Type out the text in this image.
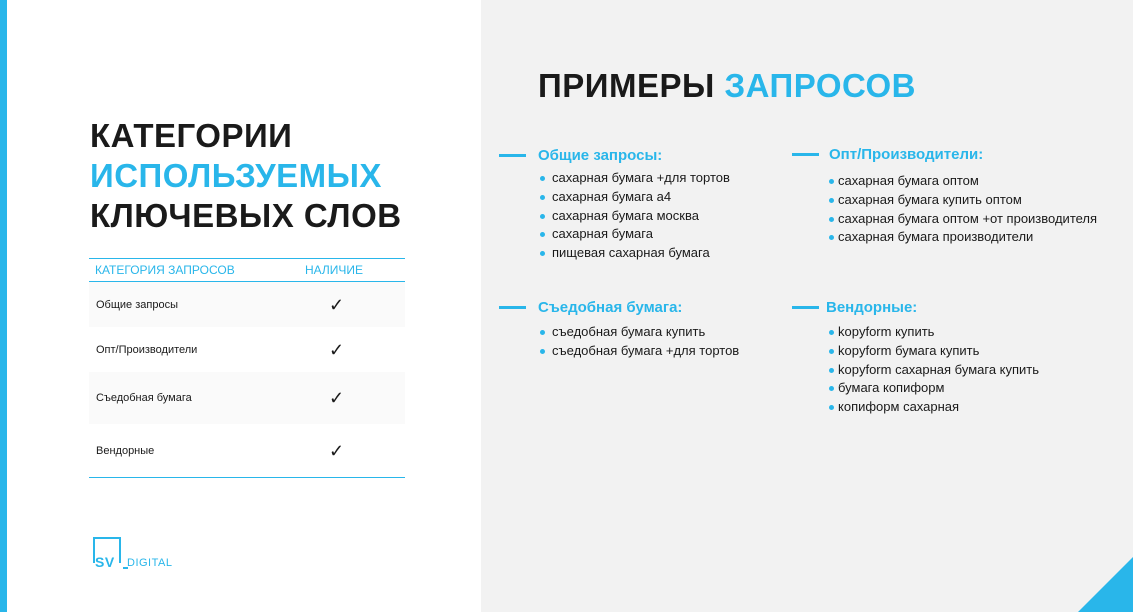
КАТЕГОРИИ
ИСПОЛЬЗУЕМЫХ
КЛЮЧЕВЫХ СЛОВ
КАТЕГОРИЯ ЗАПРОСОВ	НАЛИЧИЕ
Общие запросы	✓
Опт/Производители	✓
Съедобная бумага	✓
Вендорные	✓
SV DIGITAL
ПРИМЕРЫ ЗАПРОСОВ
Общие запросы:
сахарная бумага +для тортов
сахарная бумага а4
сахарная бумага москва
сахарная бумага
пищевая сахарная бумага
Опт/Производители:
сахарная бумага оптом
сахарная бумага купить оптом
сахарная бумага оптом +от производителя
сахарная бумага производители
Съедобная бумага:
съедобная бумага купить
съедобная бумага +для тортов
Вендорные:
kopyform купить
kopyform бумага купить
kopyform сахарная бумага купить
бумага копиформ
копиформ сахарная
